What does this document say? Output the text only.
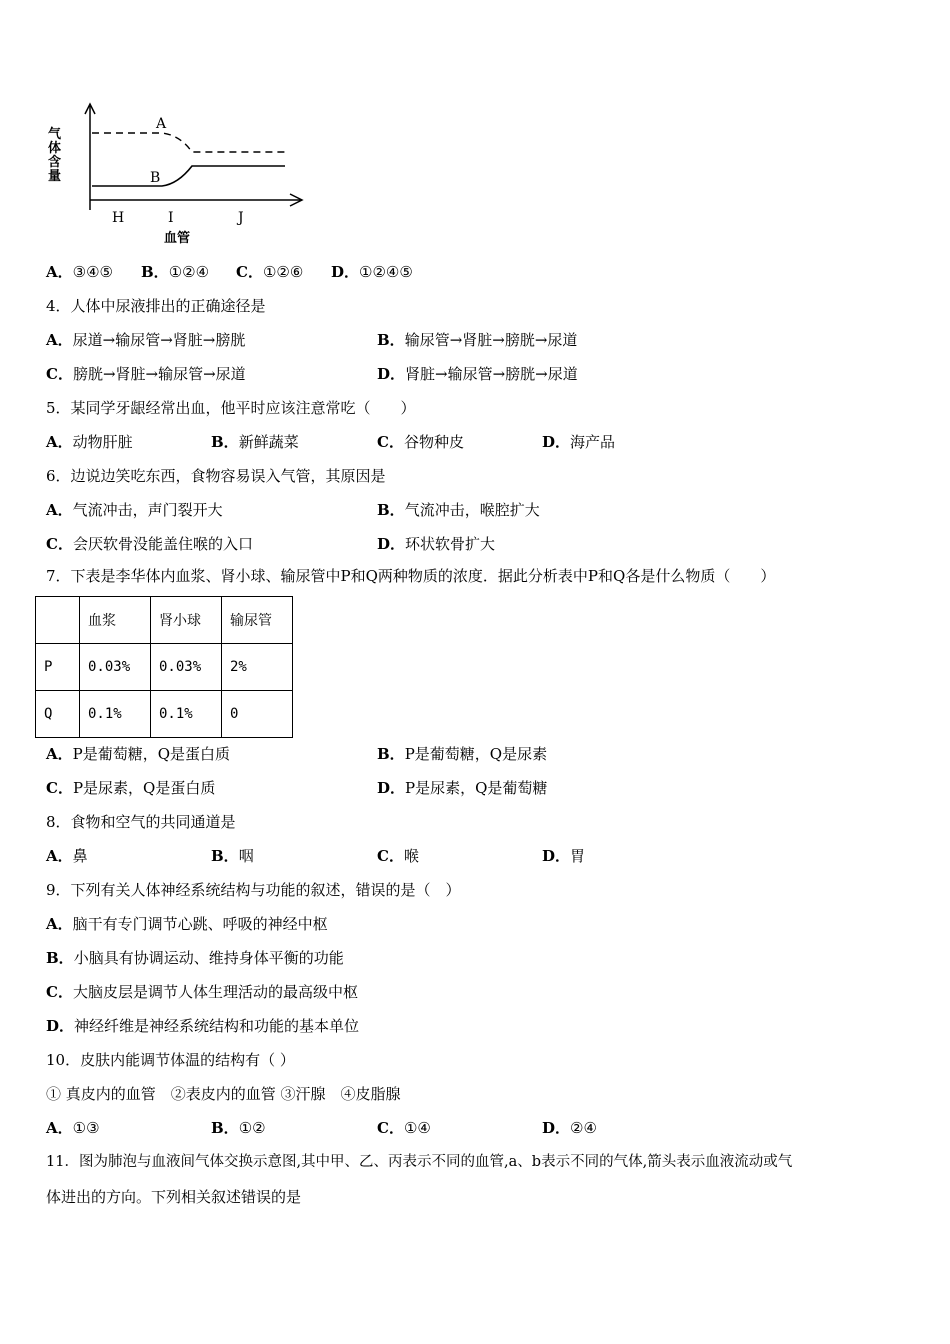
气体含量
A
B
H	I	J
血管
A．③④⑤ B．①②④ C．①②⑥ D．①②④⑤
4．人体中尿液排出的正确途径是
A．尿道→输尿管→肾脏→膀胱	B．输尿管→肾脏→膀胱→尿道
C．膀胱→肾脏→输尿管→尿道	D．肾脏→输尿管→膀胱→尿道
5．某同学牙龈经常出血，他平时应该注意常吃（　　）
A．动物肝脏	B．新鲜蔬菜	C．谷物种皮	D．海产品
6．边说边笑吃东西，食物容易误入气管，其原因是
A．气流冲击，声门裂开大	B．气流冲击，喉腔扩大
C．会厌软骨没能盖住喉的入口	D．环状软骨扩大
7．下表是李华体内血浆、肾小球、输尿管中P和Q两种物质的浓度．据此分析表中P和Q各是什么物质（　　）
	血浆	肾小球	输尿管
P	0.03%	0.03%	2%
Q	0.1%	0.1%	0
A．P是葡萄糖，Q是蛋白质	B．P是葡萄糖，Q是尿素
C．P是尿素，Q是蛋白质	D．P是尿素，Q是葡萄糖
8．食物和空气的共同通道是
A．鼻	B．咽	C．喉	D．胃
9．下列有关人体神经系统结构与功能的叙述，错误的是（　）
A．脑干有专门调节心跳、呼吸的神经中枢
B．小脑具有协调运动、维持身体平衡的功能
C．大脑皮层是调节人体生理活动的最高级中枢
D．神经纤维是神经系统结构和功能的基本单位
10．皮肤内能调节体温的结构有（ ）
① 真皮内的血管　②表皮内的血管 ③汗腺　④皮脂腺
A．①③	B．①②	C．①④	D．②④
11．图为肺泡与血液间气体交换示意图,其中甲、乙、丙表示不同的血管,a、b表示不同的气体,箭头表示血液流动或气
体进出的方向。下列相关叙述错误的是
